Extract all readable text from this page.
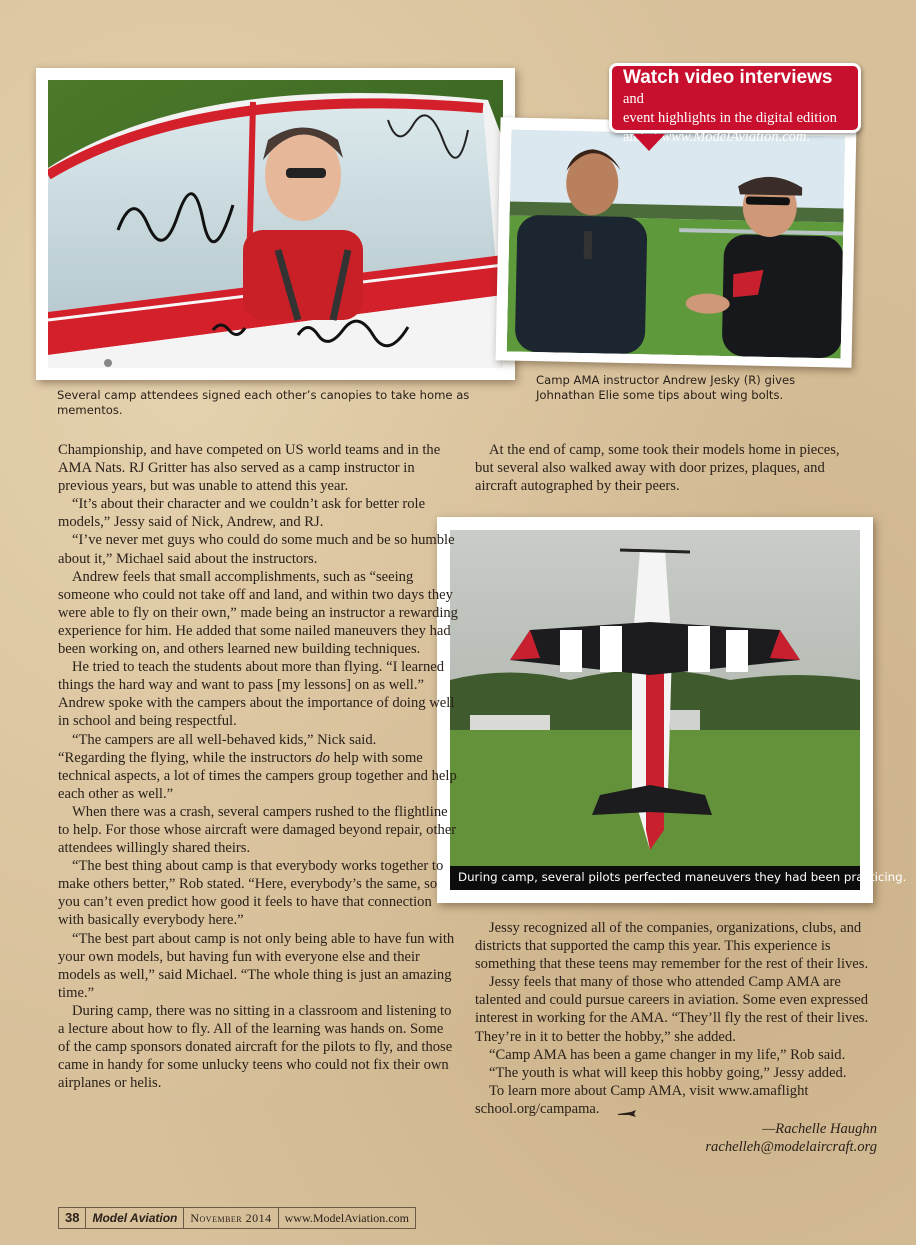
Several camp attendees signed each other’s canopies to take home as mementos.
Camp AMA instructor Andrew Jesky (R) gives Johnathan Elie some tips about wing bolts.
Watch video interviews and
event highlights in the digital edition
and at www.ModelAviation.com.
During camp, several pilots perfected maneuvers they had been practicing.

Championship, and have competed on US world teams and in the AMA Nats. RJ Gritter has also served as a camp instructor in previous years, but was unable to attend this year.

“It’s about their character and we couldn’t ask for better role models,” Jessy said of Nick, Andrew, and RJ.

“I’ve never met guys who could do some much and be so humble about it,” Michael said about the instructors.

Andrew feels that small accomplishments, such as “seeing someone who could not take off and land, and within two days they were able to fly on their own,” made being an instructor a rewarding experience for him. He added that some nailed maneuvers they had been working on, and others learned new building techniques.

He tried to teach the students about more than flying. “I learned things the hard way and want to pass [my lessons] on as well.” Andrew spoke with the campers about the importance of doing well in school and being respectful.

“The campers are all well-behaved kids,” Nick said.
“Regarding the flying, while the instructors do help with some technical aspects, a lot of times the campers group together and help each other as well.”

When there was a crash, several campers rushed to the flightline to help. For those whose aircraft were damaged beyond repair, other attendees willingly shared theirs.

“The best thing about camp is that everybody works together to make others better,” Rob stated. “Here, everybody’s the same, so you can’t even predict how good it feels to have that connection with basically everybody here.”

“The best part about camp is not only being able to have fun with your own models, but having fun with everyone else and their models as well,” said Michael. “The whole thing is just an amazing time.”

During camp, there was no sitting in a classroom and listening to a lecture about how to fly. All of the learning was hands on. Some of the camp sponsors donated aircraft for the pilots to fly, and those came in handy for some unlucky teens who could not fix their own airplanes or helis.

At the end of camp, some took their models home in pieces, but several also walked away with door prizes, plaques, and aircraft autographed by their peers.

Jessy recognized all of the companies, organizations, clubs, and districts that supported the camp this year. This experience is something that these teens may remember for the rest of their lives.

Jessy feels that many of those who attended Camp AMA are talented and could pursue careers in aviation. Some even expressed interest in working for the AMA. “They’ll fly the rest of their lives. They’re in it to better the hobby,” she added.

“Camp AMA has been a game changer in my life,” Rob said.

“The youth is what will keep this hobby going,” Jessy added.

To learn more about Camp AMA, visit www.amaflight school.org/campama.

—Rachelle Haughn
rachelleh@modelaircraft.org
38	Model Aviation	November 2014	www.ModelAviation.com
